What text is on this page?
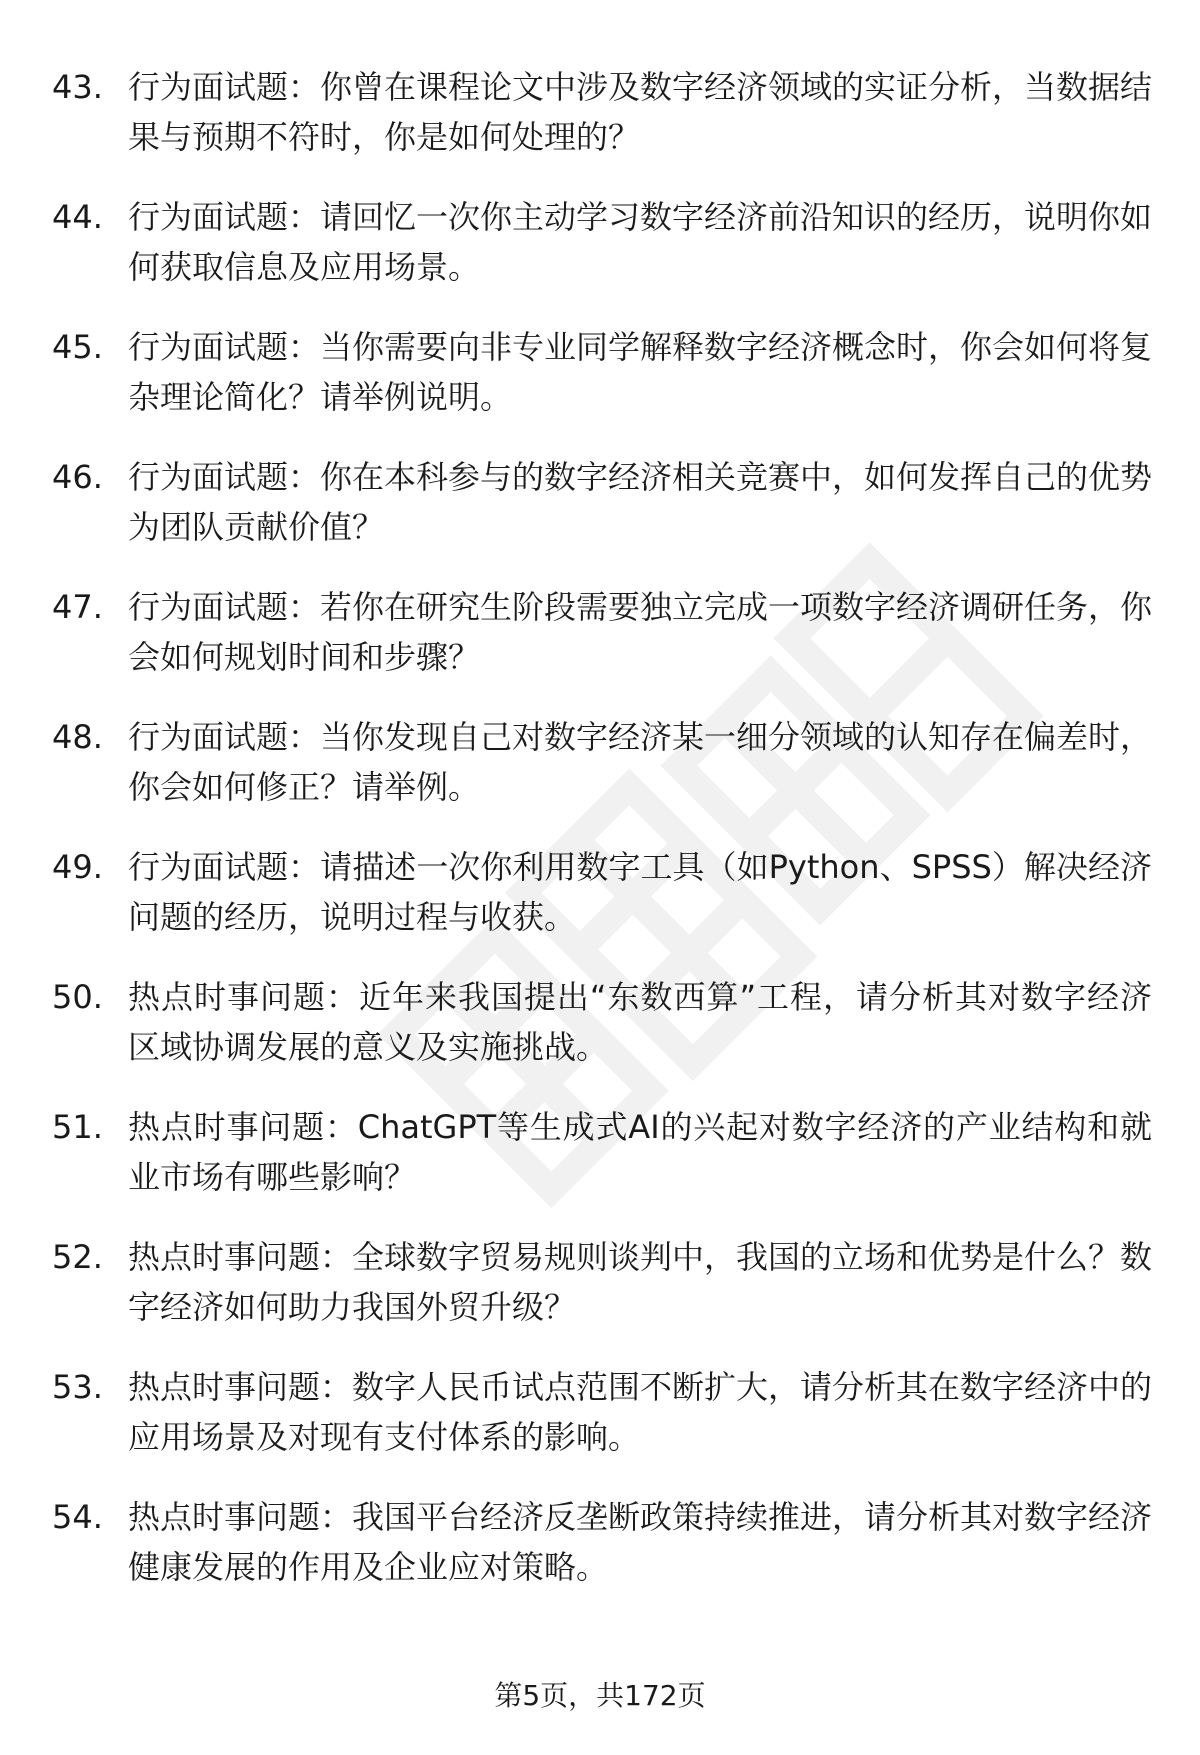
43. 行为面试题：你曾在课程论文中涉及数字经济领域的实证分析，当数据结果与预期不符时，你是如何处理的？
44. 行为面试题：请回忆一次你主动学习数字经济前沿知识的经历，说明你如何获取信息及应用场景。
45. 行为面试题：当你需要向非专业同学解释数字经济概念时，你会如何将复杂理论简化？请举例说明。
46. 行为面试题：你在本科参与的数字经济相关竞赛中，如何发挥自己的优势为团队贡献价值？
47. 行为面试题：若你在研究生阶段需要独立完成一项数字经济调研任务，你会如何规划时间和步骤？
48. 行为面试题：当你发现自己对数字经济某一细分领域的认知存在偏差时，你会如何修正？请举例。
49. 行为面试题：请描述一次你利用数字工具（如Python、SPSS）解决经济问题的经历，说明过程与收获。
50. 热点时事问题：近年来我国提出“东数西算”工程，请分析其对数字经济区域协调发展的意义及实施挑战。
51. 热点时事问题：ChatGPT等生成式AI的兴起对数字经济的产业结构和就业市场有哪些影响？
52. 热点时事问题：全球数字贸易规则谈判中，我国的立场和优势是什么？数字经济如何助力我国外贸升级？
53. 热点时事问题：数字人民币试点范围不断扩大，请分析其在数字经济中的应用场景及对现有支付体系的影响。
54. 热点时事问题：我国平台经济反垄断政策持续推进，请分析其对数字经济健康发展的作用及企业应对策略。
第5页，共172页
